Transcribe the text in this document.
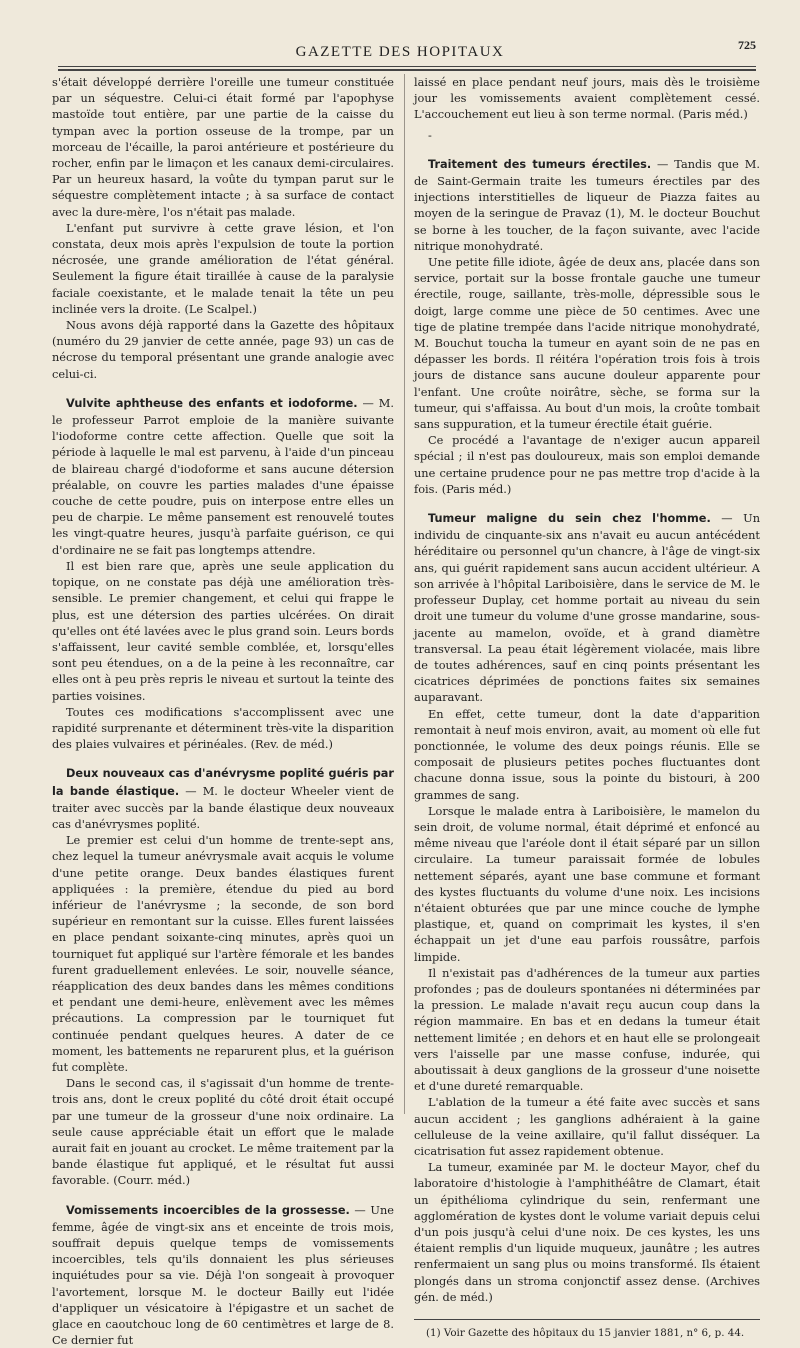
GAZETTE DES HOPITAUX	725

s'était développé derrière l'oreille une tumeur constituée par un séquestre. Celui-ci était formé par l'apophyse mastoïde tout entière, par une partie de la caisse du tympan avec la portion osseuse de la trompe, par un morceau de l'écaille, la paroi antérieure et postérieure du rocher, enfin par le limaçon et les canaux demi-circulaires. Par un heureux hasard, la voûte du tympan parut sur le séquestre complètement intacte ; à sa surface de contact avec la dure-mère, l'os n'était pas malade.

L'enfant put survivre à cette grave lésion, et l'on constata, deux mois après l'expulsion de toute la portion nécrosée, une grande amélioration de l'état général. Seulement la figure était tiraillée à cause de la paralysie faciale coexistante, et le malade tenait la tête un peu inclinée vers la droite. (Le Scalpel.)

Nous avons déjà rapporté dans la Gazette des hôpitaux (numéro du 29 janvier de cette année, page 93) un cas de nécrose du temporal présentant une grande analogie avec celui-ci.

Vulvite aphtheuse des enfants et iodoforme. — M. le professeur Parrot emploie de la manière suivante l'iodoforme contre cette affection. Quelle que soit la période à laquelle le mal est parvenu, à l'aide d'un pinceau de blaireau chargé d'iodoforme et sans aucune détersion préalable, on couvre les parties malades d'une épaisse couche de cette poudre, puis on interpose entre elles un peu de charpie. Le même pansement est renouvelé toutes les vingt-quatre heures, jusqu'à parfaite guérison, ce qui d'ordinaire ne se fait pas longtemps attendre.

Il est bien rare que, après une seule application du topique, on ne constate pas déjà une amélioration très-sensible. Le premier changement, et celui qui frappe le plus, est une détersion des parties ulcérées. On dirait qu'elles ont été lavées avec le plus grand soin. Leurs bords s'affaissent, leur cavité semble comblée, et, lorsqu'elles sont peu étendues, on a de la peine à les reconnaître, car elles ont à peu près repris le niveau et surtout la teinte des parties voisines.

Toutes ces modifications s'accomplissent avec une rapidité surprenante et déterminent très-vite la disparition des plaies vulvaires et périnéales. (Rev. de méd.)

Deux nouveaux cas d'anévrysme poplité guéris par la bande élastique. — M. le docteur Wheeler vient de traiter avec succès par la bande élastique deux nouveaux cas d'anévrysmes poplité.

Le premier est celui d'un homme de trente-sept ans, chez lequel la tumeur anévrysmale avait acquis le volume d'une petite orange. Deux bandes élastiques furent appliquées : la première, étendue du pied au bord inférieur de l'anévrysme ; la seconde, de son bord supérieur en remontant sur la cuisse. Elles furent laissées en place pendant soixante-cinq minutes, après quoi un tourniquet fut appliqué sur l'artère fémorale et les bandes furent graduellement enlevées. Le soir, nouvelle séance, réapplication des deux bandes dans les mêmes conditions et pendant une demi-heure, enlèvement avec les mêmes précautions. La compression par le tourniquet fut continuée pendant quelques heures. A dater de ce moment, les battements ne reparurent plus, et la guérison fut complète.

Dans le second cas, il s'agissait d'un homme de trente-trois ans, dont le creux poplité du côté droit était occupé par une tumeur de la grosseur d'une noix ordinaire. La seule cause appréciable était un effort que le malade aurait fait en jouant au crocket. Le même traitement par la bande élastique fut appliqué, et le résultat fut aussi favorable. (Courr. méd.)

Vomissements incoercibles de la grossesse. — Une femme, âgée de vingt-six ans et enceinte de trois mois, souffrait depuis quelque temps de vomissements incoercibles, tels qu'ils donnaient les plus sérieuses inquiétudes pour sa vie. Déjà l'on songeait à provoquer l'avortement, lorsque M. le docteur Bailly eut l'idée d'appliquer un vésicatoire à l'épigastre et un sachet de glace en caoutchouc long de 60 centimètres et large de 8. Ce dernier fut

laissé en place pendant neuf jours, mais dès le troisième jour les vomissements avaient complètement cessé. L'accouchement eut lieu à son terme normal. (Paris méd.)

-

Traitement des tumeurs érectiles. — Tandis que M. de Saint-Germain traite les tumeurs érectiles par des injections interstitielles de liqueur de Piazza faites au moyen de la seringue de Pravaz (1), M. le docteur Bouchut se borne à les toucher, de la façon suivante, avec l'acide nitrique monohydraté.

Une petite fille idiote, âgée de deux ans, placée dans son service, portait sur la bosse frontale gauche une tumeur érectile, rouge, saillante, très-molle, dépressible sous le doigt, large comme une pièce de 50 centimes. Avec une tige de platine trempée dans l'acide nitrique monohydraté, M. Bouchut toucha la tumeur en ayant soin de ne pas en dépasser les bords. Il réitéra l'opération trois fois à trois jours de distance sans aucune douleur apparente pour l'enfant. Une croûte noirâtre, sèche, se forma sur la tumeur, qui s'affaissa. Au bout d'un mois, la croûte tombait sans suppuration, et la tumeur érectile était guérie.

Ce procédé a l'avantage de n'exiger aucun appareil spécial ; il n'est pas douloureux, mais son emploi demande une certaine prudence pour ne pas mettre trop d'acide à la fois. (Paris méd.)

Tumeur maligne du sein chez l'homme. — Un individu de cinquante-six ans n'avait eu aucun antécédent héréditaire ou personnel qu'un chancre, à l'âge de vingt-six ans, qui guérit rapidement sans aucun accident ultérieur. A son arrivée à l'hôpital Lariboisière, dans le service de M. le professeur Duplay, cet homme portait au niveau du sein droit une tumeur du volume d'une grosse mandarine, sous-jacente au mamelon, ovoïde, et à grand diamètre transversal. La peau était légèrement violacée, mais libre de toutes adhérences, sauf en cinq points présentant les cicatrices déprimées de ponctions faites six semaines auparavant.

En effet, cette tumeur, dont la date d'apparition remontait à neuf mois environ, avait, au moment où elle fut ponctionnée, le volume des deux poings réunis. Elle se composait de plusieurs petites poches fluctuantes dont chacune donna issue, sous la pointe du bistouri, à 200 grammes de sang.

Lorsque le malade entra à Lariboisière, le mamelon du sein droit, de volume normal, était déprimé et enfoncé au même niveau que l'aréole dont il était séparé par un sillon circulaire. La tumeur paraissait formée de lobules nettement séparés, ayant une base commune et formant des kystes fluctuants du volume d'une noix. Les incisions n'étaient obturées que par une mince couche de lymphe plastique, et, quand on comprimait les kystes, il s'en échappait un jet d'une eau parfois roussâtre, parfois limpide.

Il n'existait pas d'adhérences de la tumeur aux parties profondes ; pas de douleurs spontanées ni déterminées par la pression. Le malade n'avait reçu aucun coup dans la région mammaire. En bas et en dedans la tumeur était nettement limitée ; en dehors et en haut elle se prolongeait vers l'aisselle par une masse confuse, indurée, qui aboutissait à deux ganglions de la grosseur d'une noisette et d'une dureté remarquable.

L'ablation de la tumeur a été faite avec succès et sans aucun accident ; les ganglions adhéraient à la gaine celluleuse de la veine axillaire, qu'il fallut disséquer. La cicatrisation fut assez rapidement obtenue.

La tumeur, examinée par M. le docteur Mayor, chef du laboratoire d'histologie à l'amphithéâtre de Clamart, était un épithélioma cylindrique du sein, renfermant une agglomération de kystes dont le volume variait depuis celui d'un pois jusqu'à celui d'une noix. De ces kystes, les uns étaient remplis d'un liquide muqueux, jaunâtre ; les autres renfermaient un sang plus ou moins transformé. Ils étaient plongés dans un stroma conjonctif assez dense. (Archives gén. de méd.)

(1) Voir Gazette des hôpitaux du 15 janvier 1881, n° 6, p. 44.
